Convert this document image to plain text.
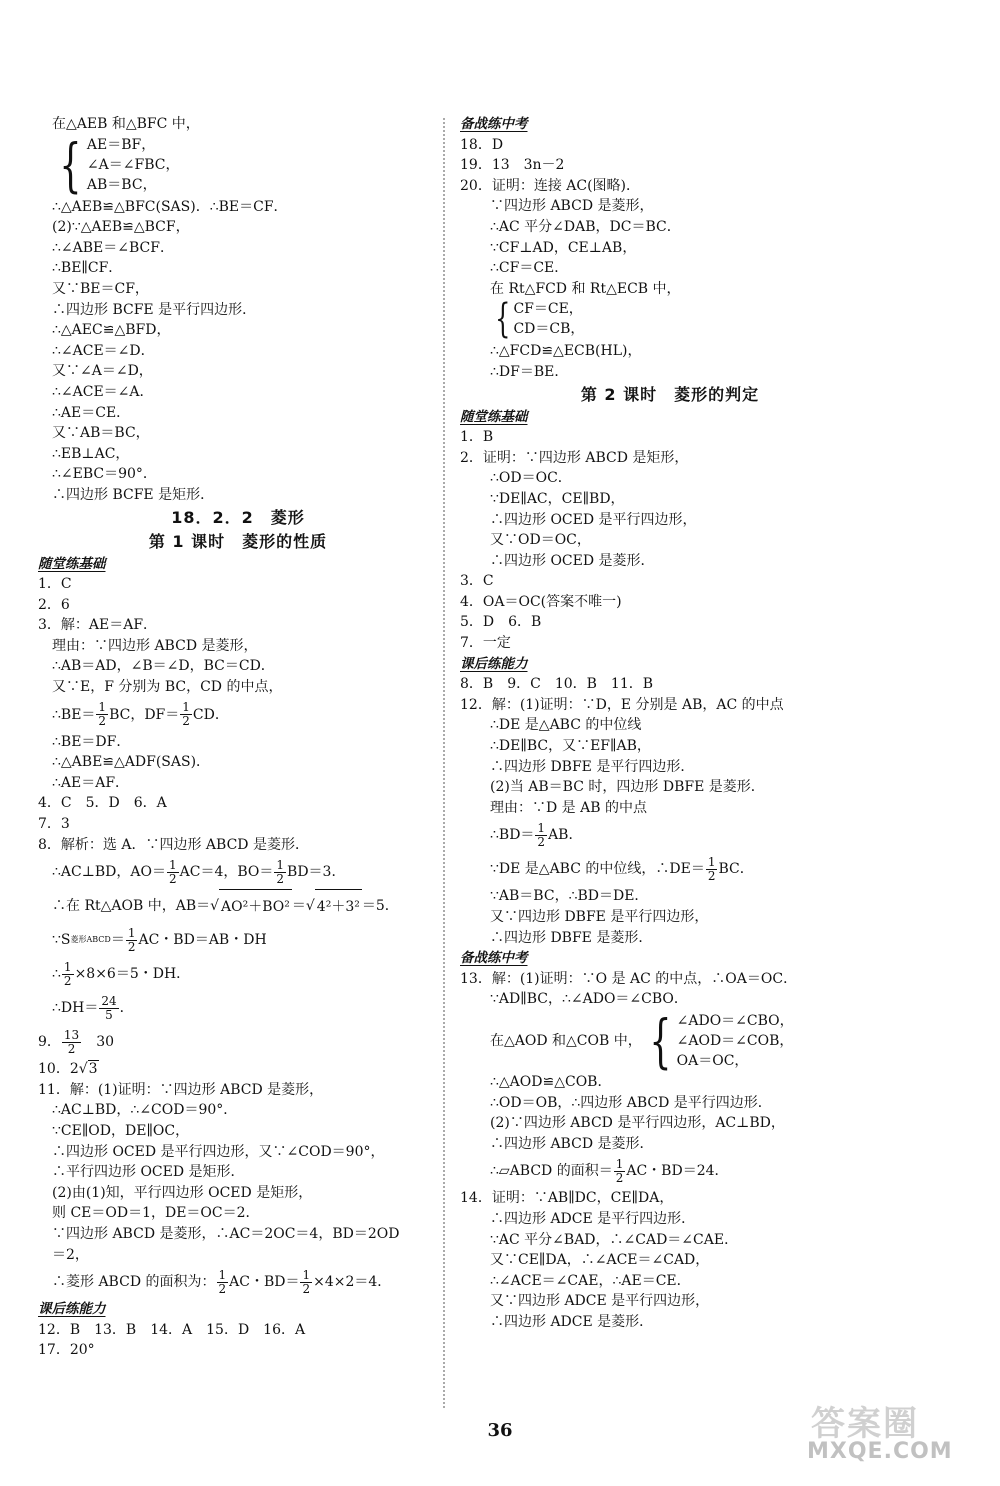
在△AEB 和△BFC 中，
{ AE＝BF，
∠A＝∠FBC，
AB＝BC，
∴△AEB≌△BFC(SAS)．∴BE＝CF．
(2)∵△AEB≌△BCF，
∴∠ABE＝∠BCF．
∴BE∥CF．
又∵BE＝CF，
∴四边形 BCFE 是平行四边形．
∴△AEC≌△BFD，
∴∠ACE＝∠D．
又∵∠A＝∠D，
∴∠ACE＝∠A．
∴AE＝CE．
又∵AB＝BC，
∴EB⊥AC，
∴∠EBC＝90°．
∴四边形 BCFE 是矩形．
18．2．2　菱形
第 1 课时　菱形的性质
随堂练基础
1．C
2．6
3．解：AE＝AF．
理由：∵四边形 ABCD 是菱形，
∴AB＝AD，∠B＝∠D，BC＝CD．
又∵E，F 分别为 BC，CD 的中点，
∴BE＝ $\frac{1}{2}$ BC，$DF= \frac{1}{2}$ CD．
∴BE＝DF．
∴△ABE≌△ADF(SAS)．
∴AE＝AF．
4．C　5．D　6．A
7．3
8．解析：选 A．∵四边形 ABCD 是菱形．
∴AC⊥BD，$AO= \frac{1}{2} AC=4$，$BO= \frac{1}{2} BD=3$．
∴在 Rt△AOB 中，AB＝ √ AO²＋BO² ＝ √ 4²＋3² ＝5．
∵S 菱形ABCD ＝ $\frac{1}{2}$ AC・BD＝AB・DH
∴ $\frac{1}{2} \times 8\times 6=5$・DH．
∴DH＝ $\frac{24}{5}$ ．
9． $\frac{13}{2}$ 　30
10．2√3
11．解：(1)证明：∵四边形 ABCD 是菱形，
∴AC⊥BD，∴∠COD＝90°．
∵CE∥OD，DE∥OC，
∴四边形 OCED 是平行四边形，又∵∠COD＝90°，
∴平行四边形 OCED 是矩形．
(2)由(1)知，平行四边形 OCED 是矩形，
则 CE＝OD＝1，DE＝OC＝2．
∵四边形 ABCD 是菱形，∴AC＝2OC＝4，BD＝2OD
＝2，
∴菱形 ABCD 的面积为： $\frac{1}{2}$ AC・$BD= \frac{1}{2} \times 4\times 2=4$．
课后练能力
12．B　13．B　14．A　15．D　16．A
17．20°
备战练中考
18．D
19．13　3n－2
20．证明：连接 AC(图略)．
∵四边形 ABCD 是菱形，
∴AC 平分∠DAB，DC＝BC．
∵CF⊥AD，CE⊥AB，
∴CF＝CE．
在 Rt△FCD 和 Rt△ECB 中，
{ CF＝CE，
CD＝CB，
∴△FCD≌△ECB(HL)，
∴DF＝BE．
第 2 课时　菱形的判定
随堂练基础
1．B
2．证明：∵四边形 ABCD 是矩形，
∴OD＝OC．
∵DE∥AC，CE∥BD，
∴四边形 OCED 是平行四边形，
又∵OD＝OC，
∴四边形 OCED 是菱形．
3．C
4．OA＝OC(答案不唯一)
5．D　6．B
7．一定
课后练能力
8．B　9．C　10．B　11．B
12．解：(1)证明：∵D，E 分别是 AB，AC 的中点
∴DE 是△ABC 的中位线
∴DE∥BC，又∵EF∥AB，
∴四边形 DBFE 是平行四边形．
(2)当 AB＝BC 时，四边形 DBFE 是菱形．
理由：∵D 是 AB 的中点
∴BD＝ $\frac{1}{2}$ AB．
∵DE 是△ABC 的中位线，∴DE＝ $\frac{1}{2}$ BC．
∵AB＝BC，∴BD＝DE．
又∵四边形 DBFE 是平行四边形，
∴四边形 DBFE 是菱形．
备战练中考
13．解：(1)证明：∵O 是 AC 的中点，∴OA＝OC．
∵AD∥BC，∴∠ADO＝∠CBO．
在△AOD 和△COB 中， { ∠ADO＝∠CBO，
∠AOD＝∠COB，
OA＝OC，
∴△AOD≌△COB．
∴OD＝OB，∴四边形 ABCD 是平行四边形．
(2)∵四边形 ABCD 是平行四边形，AC⊥BD，
∴四边形 ABCD 是菱形．
∴▱ABCD 的面积＝ $\frac{1}{2}$ AC・BD＝24．
14．证明：∵AB∥DC，CE∥DA，
∴四边形 ADCE 是平行四边形．
∵AC 平分∠BAD，∴∠CAD＝∠CAE．
又∵CE∥DA，∴∠ACE＝∠CAD，
∴∠ACE＝∠CAE，∴AE＝CE．
又∵四边形 ADCE 是平行四边形，
∴四边形 ADCE 是菱形．
36	答案圈
MXQE.COM
